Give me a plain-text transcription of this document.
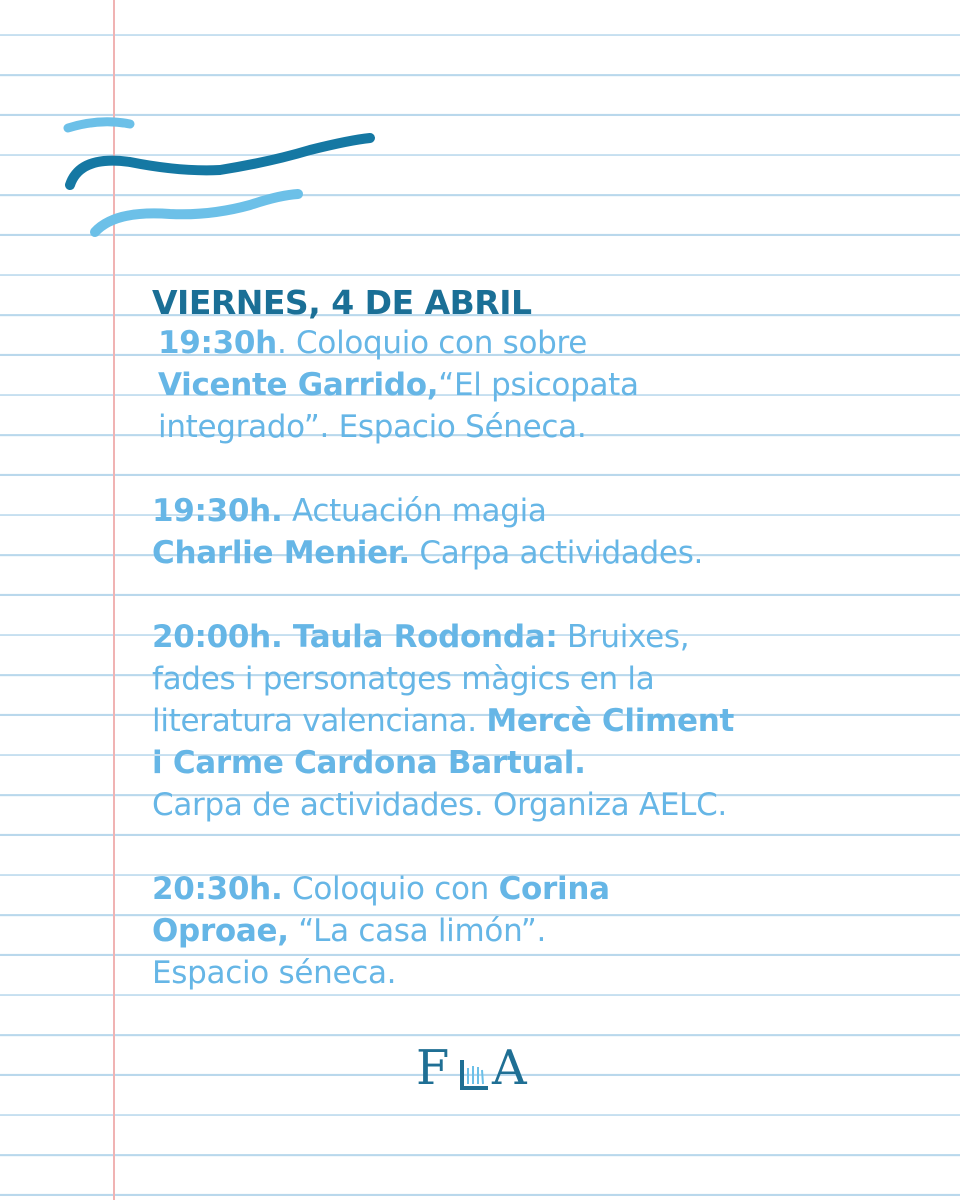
VIERNES, 4 DE ABRIL
19:30h. Coloquio con sobre
Vicente Garrido,“El psicopata
integrado”. Espacio Séneca.
19:30h. Actuación magia
Charlie Menier. Carpa actividades.
20:00h. Taula Rodonda: Bruixes,
fades i personatges màgics en la
literatura valenciana. Mercè Climent
i Carme Cardona Bartual.
Carpa de actividades. Organiza AELC.
20:30h. Coloquio con Corina
Oproae, “La casa limón”.
Espacio séneca.
F A
